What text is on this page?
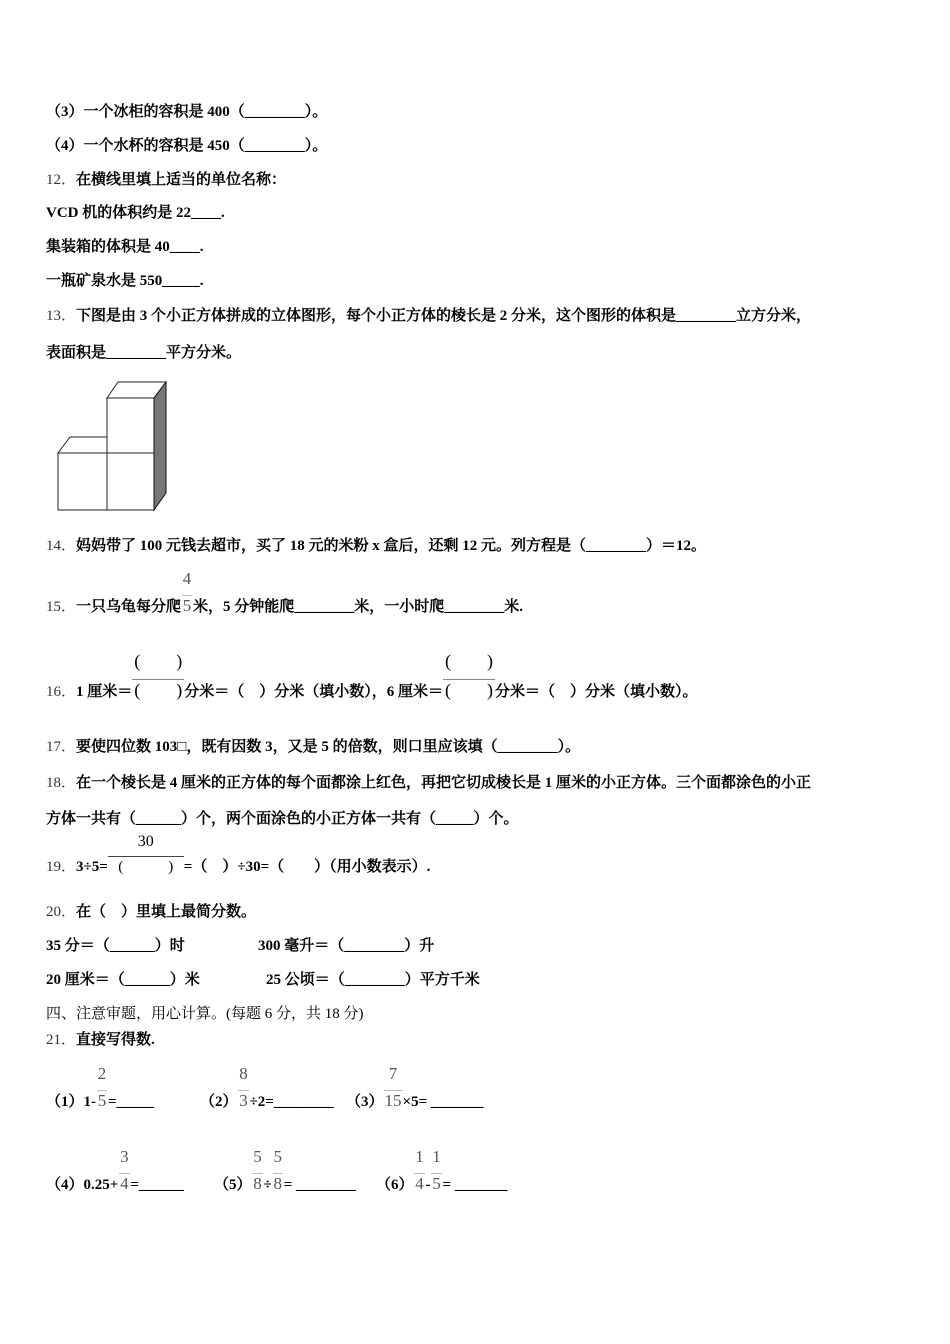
（3）一个冰柜的容积是 400（________）。
（4）一个水杯的容积是 450（________）。
12．在横线里填上适当的单位名称：
VCD 机的体积约是 22____.
集装箱的体积是 40____.
一瓶矿泉水是 550_____.
13．下图是由 3 个小正方体拼成的立体图形，每个小正方体的棱长是 2 分米，这个图形的体积是________立方分米，
表面积是________平方分米。
14．妈妈带了 100 元钱去超市，买了 18 元的米粉 x 盒后，还剩 12 元。列方程是（________）＝12。
15．一只乌龟每分爬 $\frac{4}{5}$米，5 分钟能爬________米，一小时爬________米.
16．1 厘米＝ $\frac{( )}{( )}$分米＝（　）分米（填小数），6 厘米＝ $\frac{( )}{( )}$分米＝（　）分米（填小数）。
17．要使四位数 103□，既有因数 3，又是 5 的倍数，则口里应该填（________）。
18．在一个棱长是 4 厘米的正方体的每个面都涂上红色，再把它切成棱长是 1 厘米的小正方体。三个面都涂色的小正
方体一共有（______）个，两个面涂色的小正方体一共有（_____）个。
19．$3\div 5= \frac{30}{( )}=$（　）÷30=（　　）（用小数表示）.
20．在（　）里填上最简分数。
35 分＝（______）时	300 毫升＝（________）升
20 厘米＝（______）米	25 公顷＝（________）平方千米
四、注意审题，用心计算。(每题 6 分，共 18 分)
21．直接写得数.
$(1)1- \frac{2}{5}=\_\_\_\_\_$	$(2) \frac{8}{3}\div 2=\_\_\_\_\_\_\_\_$ $(3) \frac{7}{15}\times 5=$ _______
$(4)0.25+ \frac{3}{4}=\_\_\_\_\_\_$ $(5) \frac{5}{8}\div \frac{5}{8}=$ ________ $(6) \frac{1}{4}- \frac{1}{5}=$ _______
